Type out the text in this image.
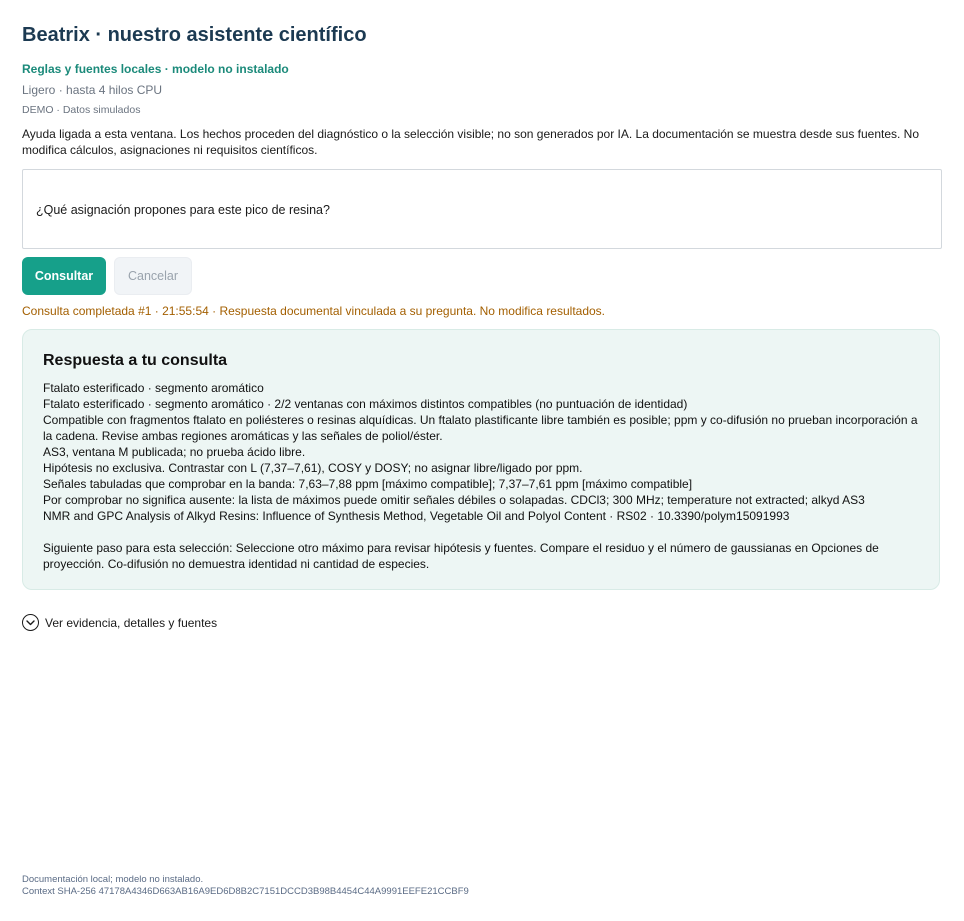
Beatrix · nuestro asistente científico
Reglas y fuentes locales · modelo no instalado
Ligero · hasta 4 hilos CPU
DEMO · Datos simulados
Ayuda ligada a esta ventana. Los hechos proceden del diagnóstico o la selección visible; no son generados por IA. La documentación se muestra desde sus fuentes. No modifica cálculos, asignaciones ni requisitos científicos.
¿Qué asignación propones para este pico de resina?
Consultar	Cancelar
Consulta completada #1 · 21:55:54 · Respuesta documental vinculada a su pregunta. No modifica resultados.
Respuesta a tu consulta
Ftalato esterificado · segmento aromático
Ftalato esterificado · segmento aromático · 2/2 ventanas con máximos distintos compatibles (no puntuación de identidad)
Compatible con fragmentos ftalato en poliésteres o resinas alquídicas. Un ftalato plastificante libre también es posible; ppm y co-difusión no prueban incorporación a la cadena. Revise ambas regiones aromáticas y las señales de poliol/éster.
AS3, ventana M publicada; no prueba ácido libre.
Hipótesis no exclusiva. Contrastar con L (7,37–7,61), COSY y DOSY; no asignar libre/ligado por ppm.
Señales tabuladas que comprobar en la banda: 7,63–7,88 ppm [máximo compatible]; 7,37–7,61 ppm [máximo compatible]
Por comprobar no significa ausente: la lista de máximos puede omitir señales débiles o solapadas. CDCl3; 300 MHz; temperature not extracted; alkyd AS3
NMR and GPC Analysis of Alkyd Resins: Influence of Synthesis Method, Vegetable Oil and Polyol Content · RS02 · 10.3390/polym15091993
Siguiente paso para esta selección: Seleccione otro máximo para revisar hipótesis y fuentes. Compare el residuo y el número de gaussianas en Opciones de proyección. Co-difusión no demuestra identidad ni cantidad de especies.
Ver evidencia, detalles y fuentes
Documentación local; modelo no instalado.
Context SHA-256 47178A4346D663AB16A9ED6D8B2C7151DCCD3B98B4454C44A9991EEFE21CCBF9
